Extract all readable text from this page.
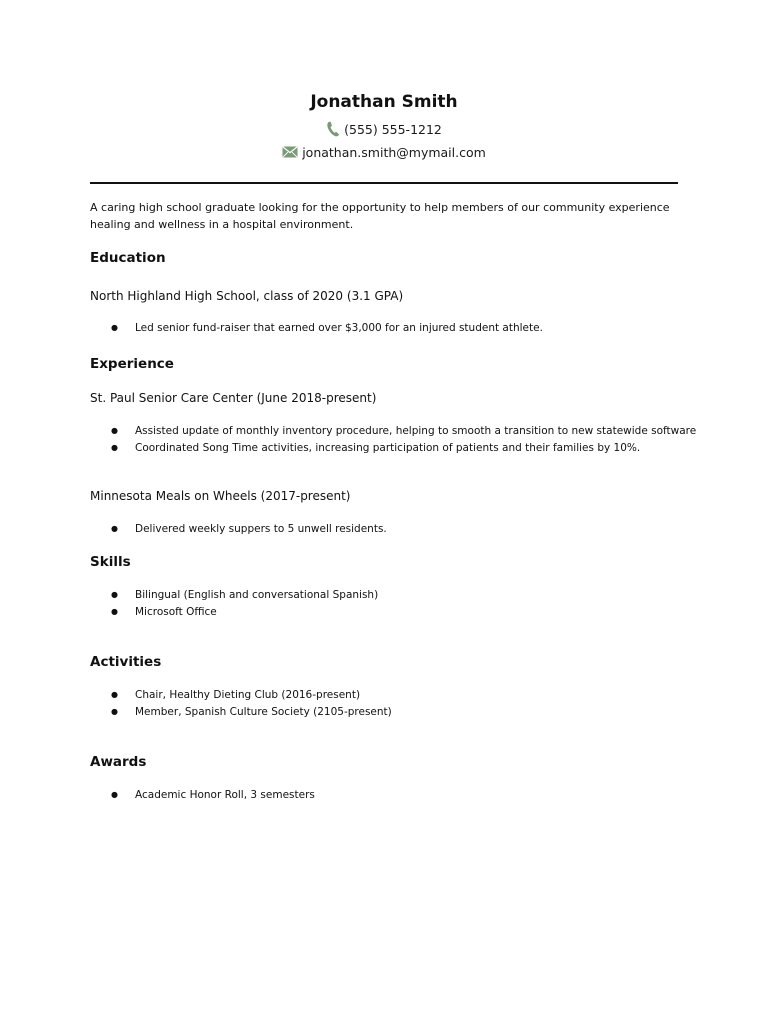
Jonathan Smith
(555) 555-1212
jonathan.smith@mymail.com
A caring high school graduate looking for the opportunity to help members of our community experience healing and wellness in a hospital environment.
Education
North Highland High School, class of 2020 (3.1 GPA)
● Led senior fund-raiser that earned over $3,000 for an injured student athlete.
Experience
St. Paul Senior Care Center (June 2018-present)
● Assisted update of monthly inventory procedure, helping to smooth a transition to new statewide software
● Coordinated Song Time activities, increasing participation of patients and their families by 10%.
Minnesota Meals on Wheels (2017-present)
● Delivered weekly suppers to 5 unwell residents.
Skills
● Bilingual (English and conversational Spanish)
● Microsoft Office
Activities
● Chair, Healthy Dieting Club (2016-present)
● Member, Spanish Culture Society (2105-present)
Awards
● Academic Honor Roll, 3 semesters
